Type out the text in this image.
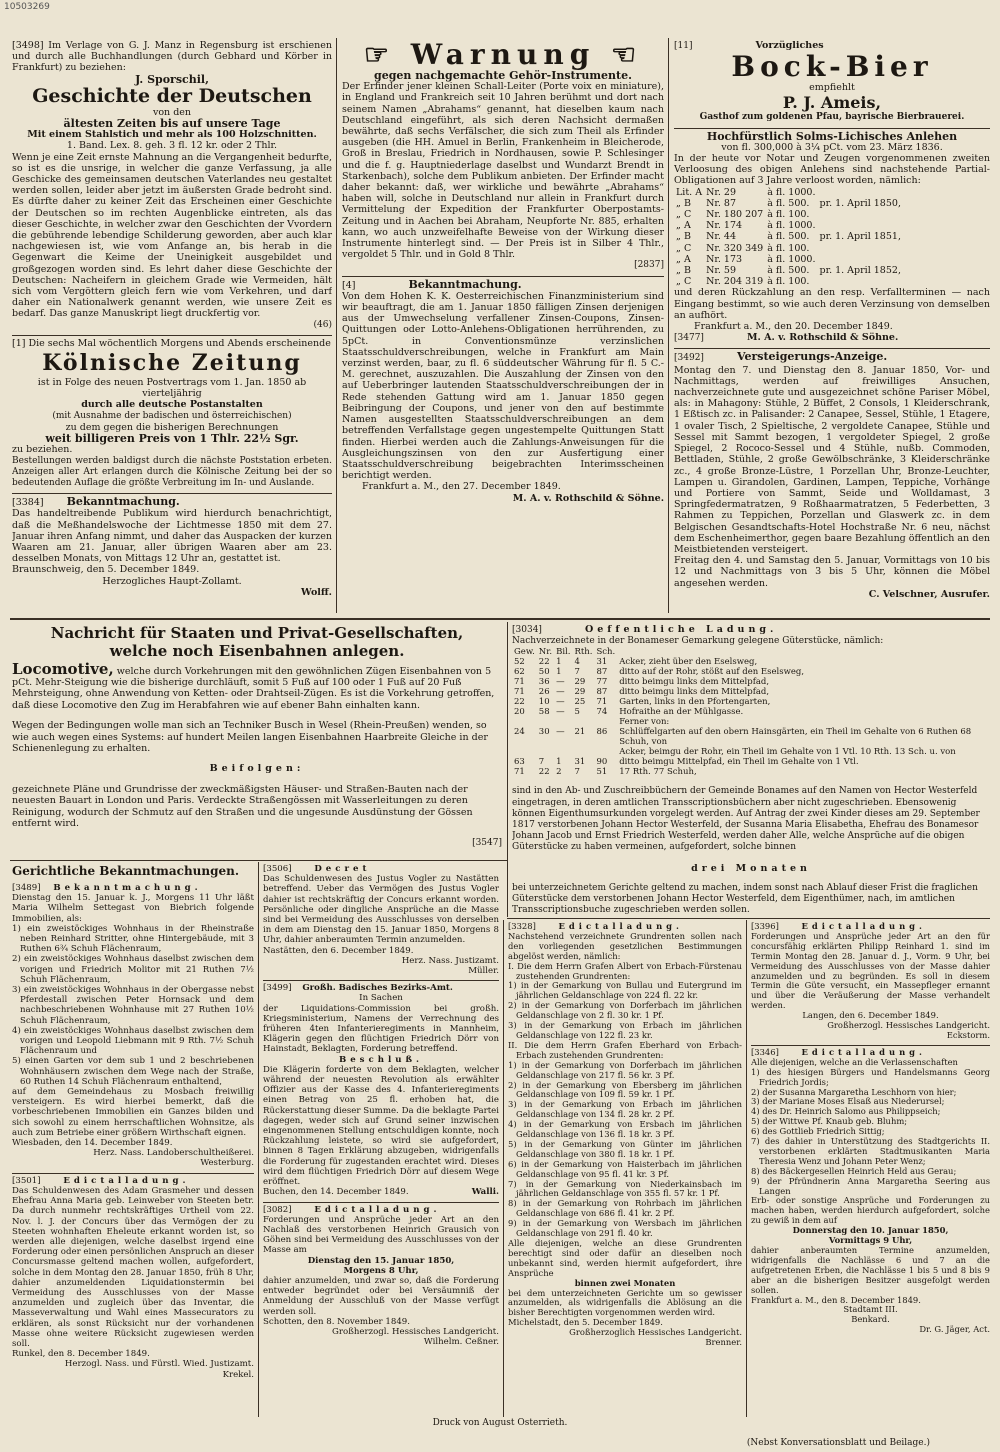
10503269

[3498] Im Verlage von G. J. Manz in Regensburg ist erschienen und durch alle Buchhandlungen (durch Gebhard und Körber in Frankfurt) zu beziehen:

J. Sporschil,
Geschichte der Deutschen
von den
ältesten Zeiten bis auf unsere Tage
Mit einem Stahlstich und mehr als 100 Holzschnitten.
1. Band. Lex. 8. geh. 3 fl. 12 kr. oder 2 Thlr.

Wenn je eine Zeit ernste Mahnung an die Vergangenheit bedurfte, so ist es die unsrige, in welcher die ganze Verfassung, ja alle Geschicke des gemeinsamen deutschen Vaterlandes neu gestaltet werden sollen, leider aber jetzt im äußersten Grade bedroht sind. Es dürfte daher zu keiner Zeit das Erscheinen einer Geschichte der Deutschen so im rechten Augenblicke eintreten, als das dieser Geschichte, in welcher zwar den Geschichten der Vvordern die gebührende lebendige Schilderung geworden, aber auch klar nachgewiesen ist, wie vom Anfange an, bis herab in die Gegenwart die Keime der Uneinigkeit ausgebildet und großgezogen worden sind. Es lehrt daher diese Geschichte der Deutschen: Nacheifern in gleichem Grade wie Vermeiden, hält sich vom Vergöttern gleich fern wie vom Verkehren, und darf daher ein Nationalwerk genannt werden, wie unsere Zeit es bedarf. Das ganze Manuskript liegt druckfertig vor.

(46)

[1] Die sechs Mal wöchentlich Morgens und Abends erscheinende

Kölnische Zeitung
ist in Folge des neuen Postvertrags vom 1. Jan. 1850 ab vierteljährig
durch alle deutsche Postanstalten
(mit Ausnahme der badischen und österreichischen)
zu dem gegen die bisherigen Berechnungen
weit billigeren Preis von 1 Thlr. 22½ Sgr.
zu beziehen.

Bestellungen werden baldigst durch die nächste Poststation erbeten. Anzeigen aller Art erlangen durch die Kölnische Zeitung bei der so bedeutenden Auflage die größte Verbreitung im In- und Auslande.

[3384] Bekanntmachung.

Das handeltreibende Publikum wird hierdurch benachrichtigt, daß die Meßhandelswoche der Lichtmesse 1850 mit dem 27. Januar ihren Anfang nimmt, und daher das Auspacken der kurzen Waaren am 21. Januar, aller übrigen Waaren aber am 23. desselben Monats, von Mittags 12 Uhr an, gestattet ist.

Braunschweig, den 5. December 1849.
Herzogliches Haupt-Zollamt.
Wolff.
☞ Warnung ☜
gegen nachgemachte Gehör-Instrumente.

Der Erfinder jener kleinen Schall-Leiter (Porte voix en miniature), in England und Frankreich seit 10 Jahren berühmt und dort nach seinem Namen „Abrahams“ genannt, hat dieselben kaum nach Deutschland eingeführt, als sich deren Nachsicht dermaßen bewährte, daß sechs Verfälscher, die sich zum Theil als Erfinder ausgeben (die HH. Amuel in Berlin, Frankenheim in Bleicherode, Groß in Breslau, Friedrich in Nordhausen, sowie P. Schlesinger und die f. g. Hauptniederlage daselbst und Wundarzt Brendt in Starkenbach), solche dem Publikum anbieten. Der Erfinder macht daher bekannt: daß, wer wirkliche und bewährte „Abrahams“ haben will, solche in Deutschland nur allein in Frankfurt durch Vermittelung der Expedition der Frankfurter Oberpostamts-Zeitung und in Aachen bei Abraham, Neupforte Nr. 885, erhalten kann, wo auch unzweifelhafte Beweise von der Wirkung dieser Instrumente hinterlegt sind. — Der Preis ist in Silber 4 Thlr., vergoldet 5 Thlr. und in Gold 8 Thlr.

[2837]
[4]	Bekanntmachung.

Von dem Hohen K. K. Oesterreichischen Finanzministerium sind wir beauftragt, die am 1. Januar 1850 fälligen Zinsen derjenigen aus der Umwechselung verfallener Zinsen-Coupons, Zinsen-Quittungen oder Lotto-Anlehens-Obligationen herrührenden, zu 5pCt. in Conventionsmünze verzinslichen Staatsschuldverschreibungen, welche in Frankfurt am Main verzinst werden, baar, zu fl. 6 süddeutscher Währung für fl. 5 C.-M. gerechnet, auszuzahlen. Die Auszahlung der Zinsen von den auf Ueberbringer lautenden Staatsschuldverschreibungen der in Rede stehenden Gattung wird am 1. Januar 1850 gegen Beibringung der Coupons, und jener von den auf bestimmte Namen ausgestellten Staatsschuldverschreibungen an dem betreffenden Verfallstage gegen ungestempelte Quittungen Statt finden. Hierbei werden auch die Zahlungs-Anweisungen für die Ausgleichungszinsen von den zur Ausfertigung einer Staatsschuldverschreibung beigebrachten Interimsscheinen berichtigt werden.

Frankfurt a. M., den 27. December 1849.
M. A. v. Rothschild & Söhne.
[11]	Vorzügliches
Bock-Bier
empfiehlt
P. J. Ameis,
Gasthof zum goldenen Pfau, bayrische Bierbrauerei.
Hochfürstlich Solms-Lichisches Anlehen
von fl. 300,000 à 3¼ pCt. vom 23. März 1836.

In der heute vor Notar und Zeugen vorgenommenen zweiten Verloosung des obigen Anlehens sind nachstehende Partial-Obligationen auf 3 Jahre verloost worden, nämlich:

Lit. A	Nr. 29	à fl. 1000.	
„ B	Nr. 87	à fl. 500.	pr. 1. April 1850,
„ C	Nr. 180 207	à fl. 100.	
„ A	Nr. 174	à fl. 1000.	
„ B	Nr. 44	à fl. 500.	pr. 1. April 1851,
„ C	Nr. 320 349	à fl. 100.	
„ A	Nr. 173	à fl. 1000.	
„ B	Nr. 59	à fl. 500.	pr. 1. April 1852,
„ C	Nr. 204 319	à fl. 100.	

und deren Rückzahlung an den resp. Verfallterminen — nach Eingang bestimmt, so wie auch deren Verzinsung von demselben an aufhört.

Frankfurt a. M., den 20. December 1849.
[3477]	M. A. v. Rothschild & Söhne.
[3492]	Versteigerungs-Anzeige.

Montag den 7. und Dienstag den 8. Januar 1850, Vor- und Nachmittags, werden auf freiwilliges Ansuchen, nachverzeichnete gute und ausgezeichnet schöne Pariser Möbel, als: in Mahagony: Stühle, 2 Büffet, 2 Consols, 1 Kleiderschrank, 1 Eßtisch zc. in Palisander: 2 Canapee, Sessel, Stühle, 1 Etagere, 1 ovaler Tisch, 2 Spieltische, 2 vergoldete Canapee, Stühle und Sessel mit Sammt bezogen, 1 vergoldeter Spiegel, 2 große Spiegel, 2 Rococo-Sessel und 4 Stühle, nußb. Commoden, Bettladen, Stühle, 2 große Gewölbschränke, 3 Kleiderschränke zc., 4 große Bronze-Lüstre, 1 Porzellan Uhr, Bronze-Leuchter, Lampen u. Girandolen, Gardinen, Lampen, Teppiche, Vorhänge und Portiere von Sammt, Seide und Wolldamast, 3 Springfedermatratzen, 9 Roßhaarmatratzen, 5 Federbetten, 3 Rahmen zu Teppichen, Porzellan und Glaswerk zc. in dem Belgischen Gesandtschafts-Hotel Hochstraße Nr. 6 neu, nächst dem Eschenheimerthor, gegen baare Bezahlung öffentlich an den Meistbietenden versteigert.

Freitag den 4. und Samstag den 5. Januar, Vormittags von 10 bis 12 und Nachmittags von 3 bis 5 Uhr, können die Möbel angesehen werden.

C. Velschner, Ausrufer.
Nachricht für Staaten und Privat-Gesellschaften,
welche noch Eisenbahnen anlegen.

Locomotive, welche durch Vorkehrungen mit den gewöhnlichen Zügen Eisenbahnen von 5 pCt. Mehr-Steigung wie die bisherige durchläuft, somit 5 Fuß auf 100 oder 1 Fuß auf 20 Fuß Mehrsteigung, ohne Anwendung von Ketten- oder Drahtseil-Zügen. Es ist die Vorkehrung getroffen, daß diese Locomotive den Zug im Herabfahren wie auf ebener Bahn einhalten kann.

Wegen der Bedingungen wolle man sich an Techniker Busch in Wesel (Rhein-Preußen) wenden, so wie auch wegen eines Systems: auf hundert Meilen langen Eisenbahnen Haarbreite Gleiche in der Schienenlegung zu erhalten.

Beifolgen:

gezeichnete Pläne und Grundrisse der zweckmäßigsten Häuser- und Straßen-Bauten nach der neuesten Bauart in London und Paris. Verdeckte Straßengössen mit Wasserleitungen zu deren Reinigung, wodurch der Schmutz auf den Straßen und die ungesunde Ausdünstung der Gössen entfernt wird.

[3547]
[3034]	Oeffentliche Ladung.
Nachverzeichnete in der Bonameser Gemarkung gelegene Güterstücke, nämlich:
Gew.	Nr.	Bil.	Rth.	Sch.	
52	22	1	4	31	Acker, zieht über den Eselsweg,
62	50	1	7	87	ditto auf der Rohr, stößt auf den Eselsweg,
71	36	—	29	77	ditto beimgu links dem Mittelpfad,
71	26	—	29	87	ditto beimgu links dem Mittelpfad,
22	10	—	25	71	Garten, links in den Pfortengarten,
20	58	—	5	74	Hofraithe an der Mühlgasse.
					Ferner von:
24	30	—	21	86	Schlüffelgarten auf den obern Hainsgärten, ein Theil im Gehalte von 6 Ruthen 68 Schuh, von
					Acker, beimgu der Rohr, ein Theil im Gehalte von 1 Vtl. 10 Rth. 13 Sch. u. von
63	7	1	31	90	ditto beimgu Mittelpfad, ein Theil im Gehalte von 1 Vtl.
71	22	2	7	51	17 Rth. 77 Schuh,

sind in den Ab- und Zuschreibbüchern der Gemeinde Bonames auf den Namen von Hector Westerfeld eingetragen, in deren amtlichen Transscriptionsbüchern aber nicht zugeschrieben. Ebensowenig können Eigenthumsurkunden vorgelegt werden. Auf Antrag der zwei Kinder dieses am 29. September 1817 verstorbenen Johann Hector Westerfeld, der Susanna Maria Elisabetha, Ehefrau des Bonamesor Johann Jacob und Ernst Friedrich Westerfeld, werden daher Alle, welche Ansprüche auf die obigen Güterstücke zu haben vermeinen, aufgefordert, solche binnen

drei Monaten

bei unterzeichnetem Gerichte geltend zu machen, indem sonst nach Ablauf dieser Frist die fraglichen Güterstücke dem verstorbenen Johann Hector Westerfeld, dem Eigenthümer, nach, im amtlichen Transscriptionsbuche zugeschrieben werden sollen.

Gerichtliche Bekanntmachungen.
[3489] Bekanntmachung.

Dienstag den 15. Januar k. J., Morgens 11 Uhr läßt Maria Wilhelm Settegast von Biebrich folgende Immobilien, als:

1) ein zweistöckiges Wohnhaus in der Rheinstraße neben Reinhard Stritter, ohne Hintergebäude, mit 3 Ruthen 6¾ Schuh Flächenraum,
2) ein zweistöckiges Wohnhaus daselbst zwischen dem vorigen und Friedrich Molitor mit 21 Ruthen 7½ Schuh Flächenraum,
3) ein zweistöckiges Wohnhaus in der Obergasse nebst Pferdestall zwischen Peter Hornsack und dem nachbeschriebenen Wohnhause mit 27 Ruthen 10½ Schuh Flächenraum,
4) ein zweistöckiges Wohnhaus daselbst zwischen dem vorigen und Leopold Liebmann mit 9 Rth. 7½ Schuh Flächenraum und
5) einen Garten vor dem sub 1 und 2 beschriebenen Wohnhäusern zwischen dem Wege nach der Straße, 60 Ruthen 14 Schuh Flächenraum enthaltend,

auf dem Gemeindehaus zu Mosbach freiwillig versteigern. Es wird hierbei bemerkt, daß die vorbeschriebenen Immobilien ein Ganzes bilden und sich sowohl zu einem herrschaftlichen Wohnsitze, als auch zum Betriebe einer größern Wirthschaft eignen.

Wiesbaden, den 14. December 1849.
Herz. Nass. Landoberschultheißerei.
Westerburg.
[3501]	Edictalladung.

Das Schuldenwesen des Adam Grasmeher und dessen Ehefrau Anna Maria geb. Leinweber von Steeten betr. Da durch nunmehr rechtskräftiges Urtheil vom 22. Nov. l. J. der Concurs über das Vermögen der zu Steeten wohnhaften Eheleute erkannt worden ist, so werden alle diejenigen, welche daselbst irgend eine Forderung oder einen persönlichen Anspruch an dieser Concursmasse geltend machen wollen, aufgefordert, solche in dem Montag den 28. Januar 1850, früh 8 Uhr, dahier anzumeldenden Liquidationstermin bei Vermeidung des Ausschlusses von der Masse anzumelden und zugleich über das Inventar, die Masseverwaltung und Wahl eines Massecurators zu erklären, als sonst Rücksicht nur der vorhandenen Masse ohne weitere Rücksicht zugewiesen werden soll.

Runkel, den 8. December 1849.
Herzogl. Nass. und Fürstl. Wied. Justizamt.
Krekel.
[3506]	Decret

Das Schuldenwesen des Justus Vogler zu Nastätten betreffend. Ueber das Vermögen des Justus Vogler dahier ist rechtskräftig der Concurs erkannt worden. Persönliche oder dingliche Ansprüche an die Masse sind bei Vermeidung des Ausschlusses von derselben in dem am Dienstag den 15. Januar 1850, Morgens 8 Uhr, dahier anberaumten Termin anzumelden.

Nastätten, den 6. December 1849.
Herz. Nass. Justizamt.
Müller.
[3499] Großh. Badisches Bezirks-Amt.
In Sachen

der Liquidations-Commission bei großh. Kriegsministerium, Namens der Verrechnung des früheren 4ten Infanterieregiments in Mannheim, Klägerin gegen den flüchtigen Friedrich Dörr von Hainstadt, Beklagten, Forderung betreffend.

Beschluß.

Die Klägerin forderte von dem Beklagten, welcher während der neuesten Revolution als erwählter Offizier aus der Kasse des 4. Infanterieregiments einen Betrag von 25 fl. erhoben hat, die Rückerstattung dieser Summe. Da die beklagte Partei dagegen, weder sich auf Grund seiner inzwischen eingenommenen Stellung entschuldigen konnte, noch Rückzahlung leistete, so wird sie aufgefordert, binnen 8 Tagen Erklärung abzugeben, widrigenfalls die Forderung für zugestanden erachtet wird. Dieses wird dem flüchtigen Friedrich Dörr auf diesem Wege eröffnet.

Buchen, den 14. December 1849.	Walli.
[3082]	Edictalladung.

Forderungen und Ansprüche jeder Art an den Nachlaß des verstorbenen Heinrich Grausich von Göhen sind bei Vermeidung des Ausschlusses von der Masse am

Dienstag den 15. Januar 1850,
Morgens 8 Uhr,

dahier anzumelden, und zwar so, daß die Forderung entweder begründet oder bei Versäumniß der Anmeldung der Ausschluß von der Masse verfügt werden soll.

Schotten, den 8. November 1849.
Großherzogl. Hessisches Landgericht.
Wilhelm. Ceßner.
[3328]	Edictalladung.

Nachstehend verzeichnete Grundrenten sollen nach den vorliegenden gesetzlichen Bestimmungen abgelöst werden, nämlich:

I. Die dem Herrn Grafen Albert von Erbach-Fürstenau zustehenden Grundrenten:
1) in der Gemarkung von Bullau und Eutergrund im jährlichen Geldanschlage von 224 fl. 22 kr.
2) in der Gemarkung von Dorferbach im jährlichen Geldanschlage von 2 fl. 30 kr. 1 Pf.
3) in der Gemarkung von Erbach im jährlichen Geldanschlage von 122 fl. 23 kr.
II. Die dem Herrn Grafen Eberhard von Erbach-Erbach zustehenden Grundrenten:
1) in der Gemarkung von Dorferbach im jährlichen Geldanschlage von 217 fl. 56 kr. 3 Pf.
2) in der Gemarkung von Ebersberg im jährlichen Geldanschlage von 109 fl. 59 kr. 1 Pf.
3) in der Gemarkung von Erbach im jährlichen Geldanschlage von 134 fl. 28 kr. 2 Pf.
4) in der Gemarkung von Ersbach im jährlichen Geldanschlage von 136 fl. 18 kr. 3 Pf.
5) in der Gemarkung von Günter im jährlichen Geldanschlage von 380 fl. 18 kr. 1 Pf.
6) in der Gemarkung von Haisterbach im jährlichen Geldanschlage von 95 fl. 41 kr. 3 Pf.
7) in der Gemarkung von Niederkainsbach im jährlichen Geldanschlage von 355 fl. 57 kr. 1 Pf.
8) in der Gemarkung von Rohrbach im jährlichen Geldanschlage von 686 fl. 41 kr. 2 Pf.
9) in der Gemarkung von Wersbach im jährlichen Geldanschlage von 291 fl. 40 kr.

Alle diejenigen, welche an diese Grundrenten berechtigt sind oder dafür an dieselben noch unbekannt sind, werden hiermit aufgefordert, ihre Ansprüche

binnen zwei Monaten

bei dem unterzeichneten Gerichte um so gewisser anzumelden, als widrigenfalls die Ablösung an die bisher Berechtigten vorgenommen werden wird.

Michelstadt, den 5. December 1849.
Großherzoglich Hessisches Landgericht.
Brenner.
[3396]	Edictalladung.

Forderungen und Ansprüche jeder Art an den für concursfähig erklärten Philipp Reinhard 1. sind im Termin Montag den 28. Januar d. J., Vorm. 9 Uhr, bei Vermeidung des Ausschlusses von der Masse dahier anzumelden und zu begründen. Es soll in diesem Termin die Güte versucht, ein Massepfleger ernannt und über die Veräußerung der Masse verhandelt werden.

Langen, den 6. December 1849.
Großherzogl. Hessisches Landgericht.
Eckstorm.
[3346]	Edictalladung.

Alle diejenigen, welche an die Verlassenschaften

1) des hiesigen Bürgers und Handelsmanns Georg Friedrich Jordis;
2) der Susanna Margaretha Leschhorn von hier;
3) der Mariane Moses Elsaß aus Niederursel;
4) des Dr. Heinrich Salomo aus Philippseich;
5) der Wittwe Pf. Knaub geb. Bluhm;
6) des Gottlieb Friedrich Sittig;
7) des dahier in Unterstützung des Stadtgerichts II. verstorbenen erklärten Stadtmusikanten Maria Theresia Wenz und Johann Peter Wenz;
8) des Bäckergesellen Heinrich Held aus Gerau;
9) der Pfründnerin Anna Margaretha Seering aus Langen

Erb- oder sonstige Ansprüche und Forderungen zu machen haben, werden hierdurch aufgefordert, solche zu gewiß in dem auf

Donnerstag den 10. Januar 1850,
Vormittags 9 Uhr,

dahier anberaumten Termine anzumelden, widrigenfalls die Nachlässe 6 und 7 an die aufgetretenen Erben, die Nachlässe 1 bis 5 und 8 bis 9 aber an die bisherigen Besitzer ausgefolgt werden sollen.

Frankfurt a. M., den 8. December 1849.
Stadtamt III.
Benkard.
Dr. G. Jäger, Act.
Druck von August Osterrieth.
(Nebst Konversationsblatt und Beilage.)
